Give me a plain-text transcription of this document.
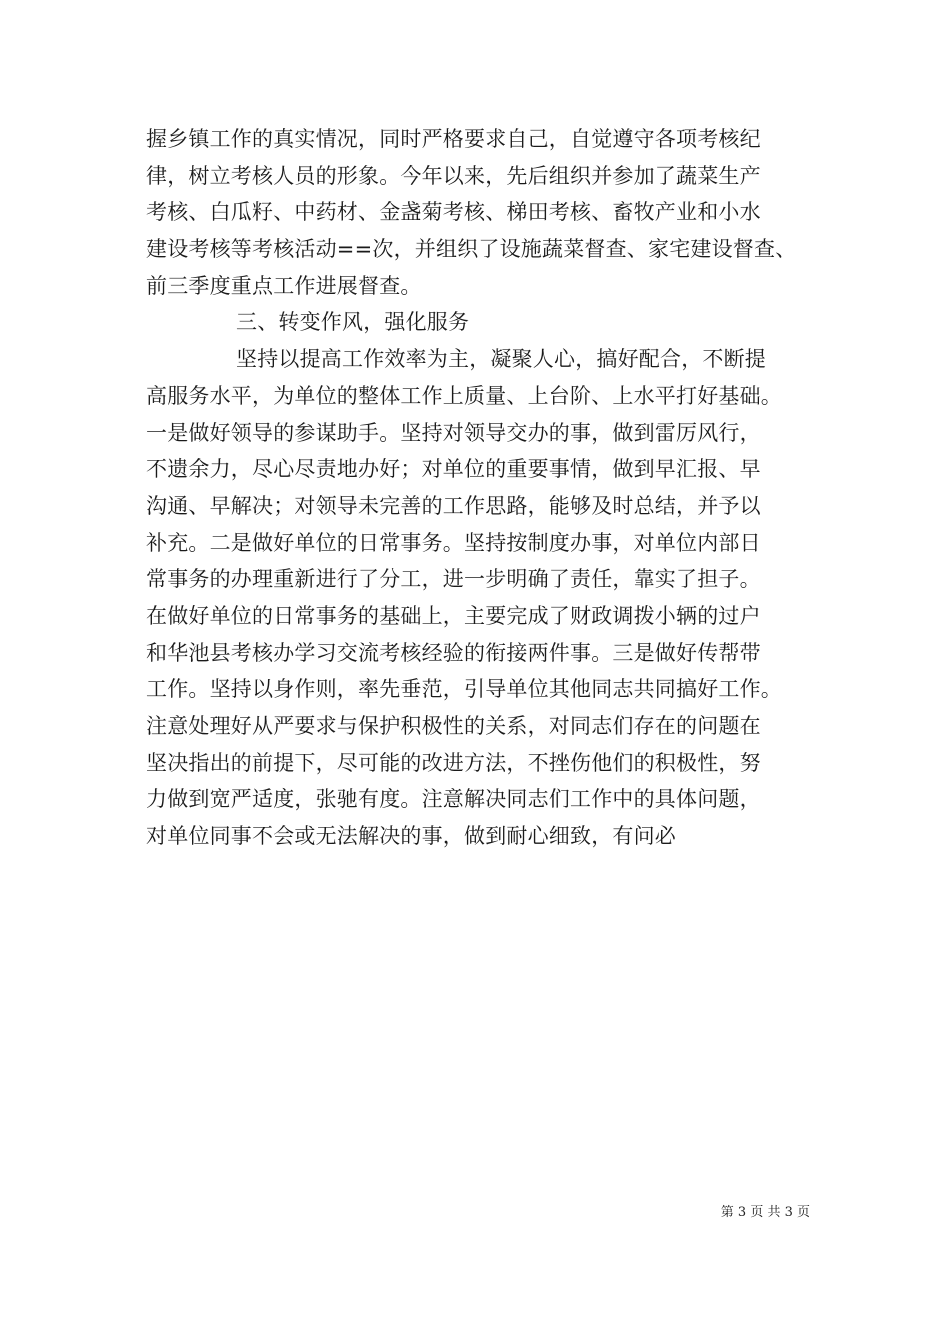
握乡镇工作的真实情况，同时严格要求自己，自觉遵守各项考核纪
律，树立考核人员的形象。今年以来，先后组织并参加了蔬菜生产
考核、白瓜籽、中药材、金盏菊考核、梯田考核、畜牧产业和小水
建设考核等考核活动==次，并组织了设施蔬菜督查、家宅建设督查、
前三季度重点工作进展督查。
三、转变作风，强化服务
坚持以提高工作效率为主，凝聚人心，搞好配合，不断提
高服务水平，为单位的整体工作上质量、上台阶、上水平打好基础。
一是做好领导的参谋助手。坚持对领导交办的事，做到雷厉风行，
不遗余力，尽心尽责地办好；对单位的重要事情，做到早汇报、早
沟通、早解决；对领导未完善的工作思路，能够及时总结，并予以
补充。二是做好单位的日常事务。坚持按制度办事，对单位内部日
常事务的办理重新进行了分工，进一步明确了责任，靠实了担子。
在做好单位的日常事务的基础上，主要完成了财政调拨小辆的过户
和华池县考核办学习交流考核经验的衔接两件事。三是做好传帮带
工作。坚持以身作则，率先垂范，引导单位其他同志共同搞好工作。
注意处理好从严要求与保护积极性的关系，对同志们存在的问题在
坚决指出的前提下，尽可能的改进方法，不挫伤他们的积极性，努
力做到宽严适度，张驰有度。注意解决同志们工作中的具体问题，
对单位同事不会或无法解决的事，做到耐心细致，有问必
第 3 页 共 3 页
